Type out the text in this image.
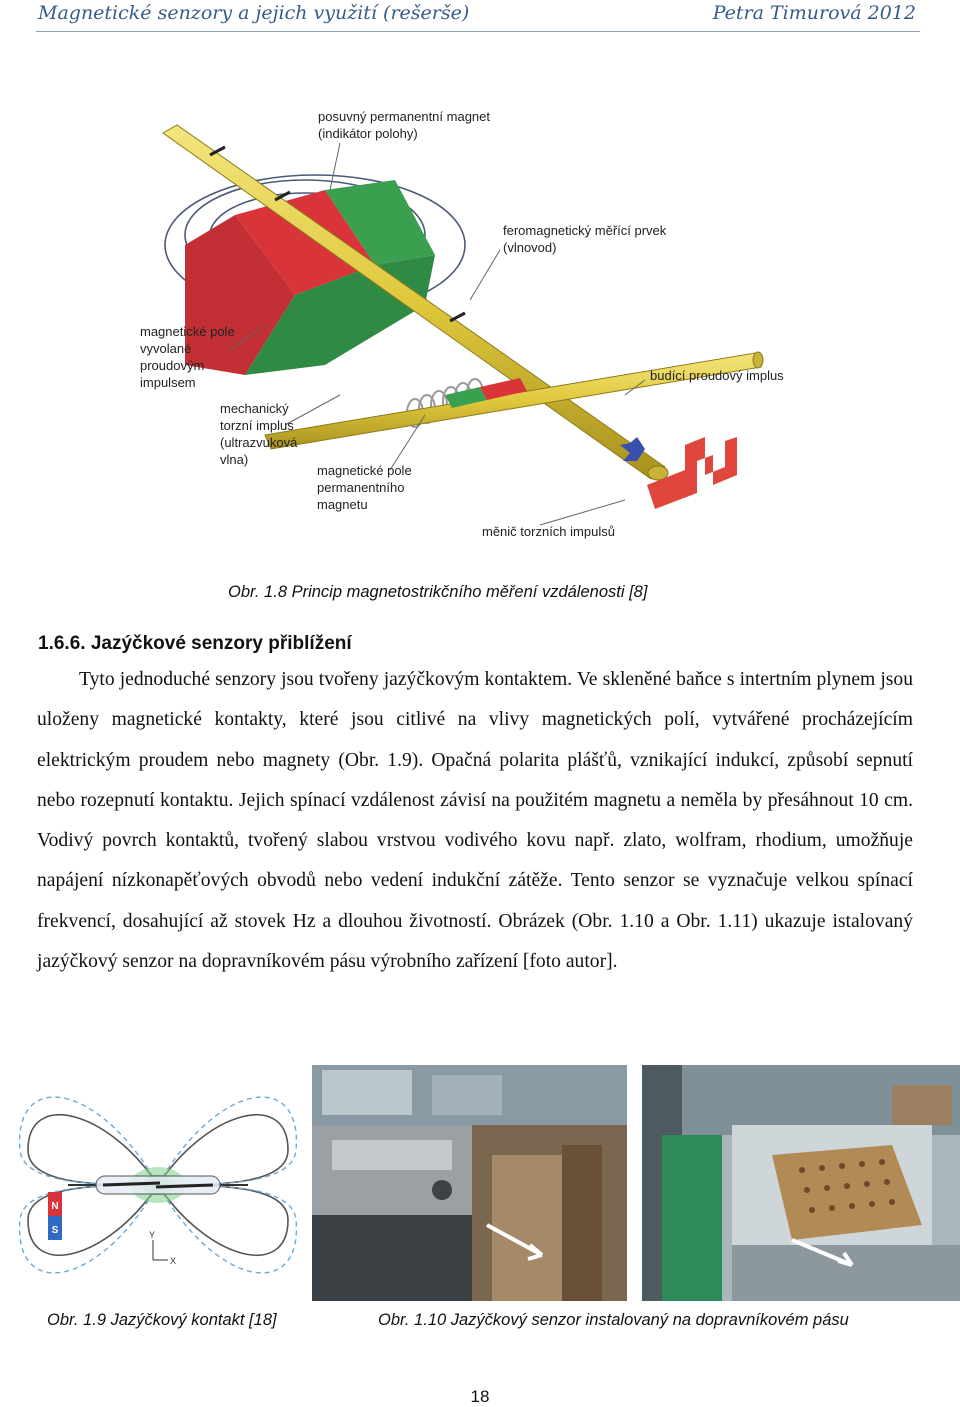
Magnetické senzory a jejich využití (rešerše)	Petra Timurová 2012
posuvný permanentní magnet (indikátor polohy)
feromagnetický měřící prvek (vlnovod)
magnetické pole vyvolané proudovým impulsem
mechanický torzní implus (ultrazvuková vlna)
budící proudový implus
magnetické pole permanentního magnetu
měnič torzních impulsů
Obr. 1.8 Princip magnetostrikčního měření vzdálenosti [8]
1.6.6. Jazýčkové senzory přiblížení

Tyto jednoduché senzory jsou tvořeny jazýčkovým kontaktem. Ve skleněné baňce s intertním plynem jsou uloženy magnetické kontakty, které jsou citlivé na vlivy magnetických polí, vytvářené procházejícím elektrickým proudem nebo magnety (Obr. 1.9). Opačná polarita plášťů, vznikající indukcí, způsobí sepnutí nebo rozepnutí kontaktu. Jejich spínací vzdálenost závisí na použitém magnetu a neměla by přesáhnout 10 cm. Vodivý povrch kontaktů, tvořený slabou vrstvou vodivého kovu např. zlato, wolfram, rhodium, umožňuje napájení nízkonapěťových obvodů nebo vedení indukční zátěže. Tento senzor se vyznačuje velkou spínací frekvencí, dosahující až stovek Hz a dlouhou životností. Obrázek (Obr. 1.10 a Obr. 1.11) ukazuje istalovaný jazýčkový senzor na dopravníkovém pásu výrobního zařízení [foto autor].

N
S	Y
X
Obr. 1.9 Jazýčkový kontakt [18]	Obr. 1.10 Jazýčkový senzor instalovaný na dopravníkovém pásu
18
